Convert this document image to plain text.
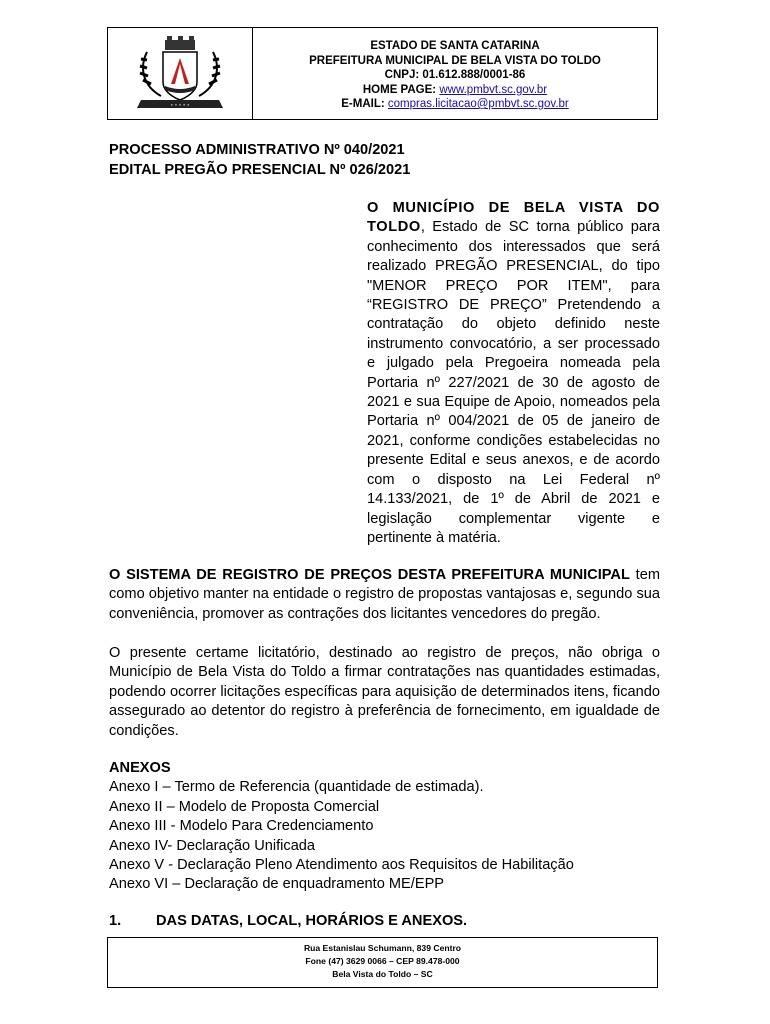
• • • • •
ESTADO DE SANTA CATARINA
PREFEITURA MUNICIPAL DE BELA VISTA DO TOLDO
CNPJ: 01.612.888/0001-86
HOME PAGE: www.pmbvt.sc.gov.br
E-MAIL: compras.licitacao@pmbvt.sc.gov.br
PROCESSO ADMINISTRATIVO Nº 040/2021
EDITAL PREGÃO PRESENCIAL Nº 026/2021
O MUNICÍPIO DE BELA VISTA DO TOLDO, Estado de SC torna público para conhecimento dos interessados que será realizado PREGÃO PRESENCIAL, do tipo "MENOR PREÇO POR ITEM", para “REGISTRO DE PREÇO” Pretendendo a contratação do objeto definido neste instrumento convocatório, a ser processado e julgado pela Pregoeira nomeada pela Portaria nº 227/2021 de 30 de agosto de 2021 e sua Equipe de Apoio, nomeados pela Portaria nº 004/2021 de 05 de janeiro de 2021, conforme condições estabelecidas no presente Edital e seus anexos, e de acordo com o disposto na Lei Federal nº 14.133/2021, de 1º de Abril de 2021 e legislação complementar vigente e pertinente à matéria.
O SISTEMA DE REGISTRO DE PREÇOS DESTA PREFEITURA MUNICIPAL tem como objetivo manter na entidade o registro de propostas vantajosas e, segundo sua conveniência, promover as contrações dos licitantes vencedores do pregão.
O presente certame licitatório, destinado ao registro de preços, não obriga o Município de Bela Vista do Toldo a firmar contratações nas quantidades estimadas, podendo ocorrer licitações específicas para aquisição de determinados itens, ficando assegurado ao detentor do registro à preferência de fornecimento, em igualdade de condições.
ANEXOS
Anexo I – Termo de Referencia (quantidade de estimada).
Anexo II – Modelo de Proposta Comercial
Anexo III - Modelo Para Credenciamento
Anexo IV- Declaração Unificada
Anexo V - Declaração Pleno Atendimento aos Requisitos de Habilitação
Anexo VI – Declaração de enquadramento ME/EPP
1. DAS DATAS, LOCAL, HORÁRIOS E ANEXOS.
Rua Estanislau Schumann, 839 Centro
Fone (47) 3629 0066 – CEP 89.478-000
Bela Vista do Toldo – SC
